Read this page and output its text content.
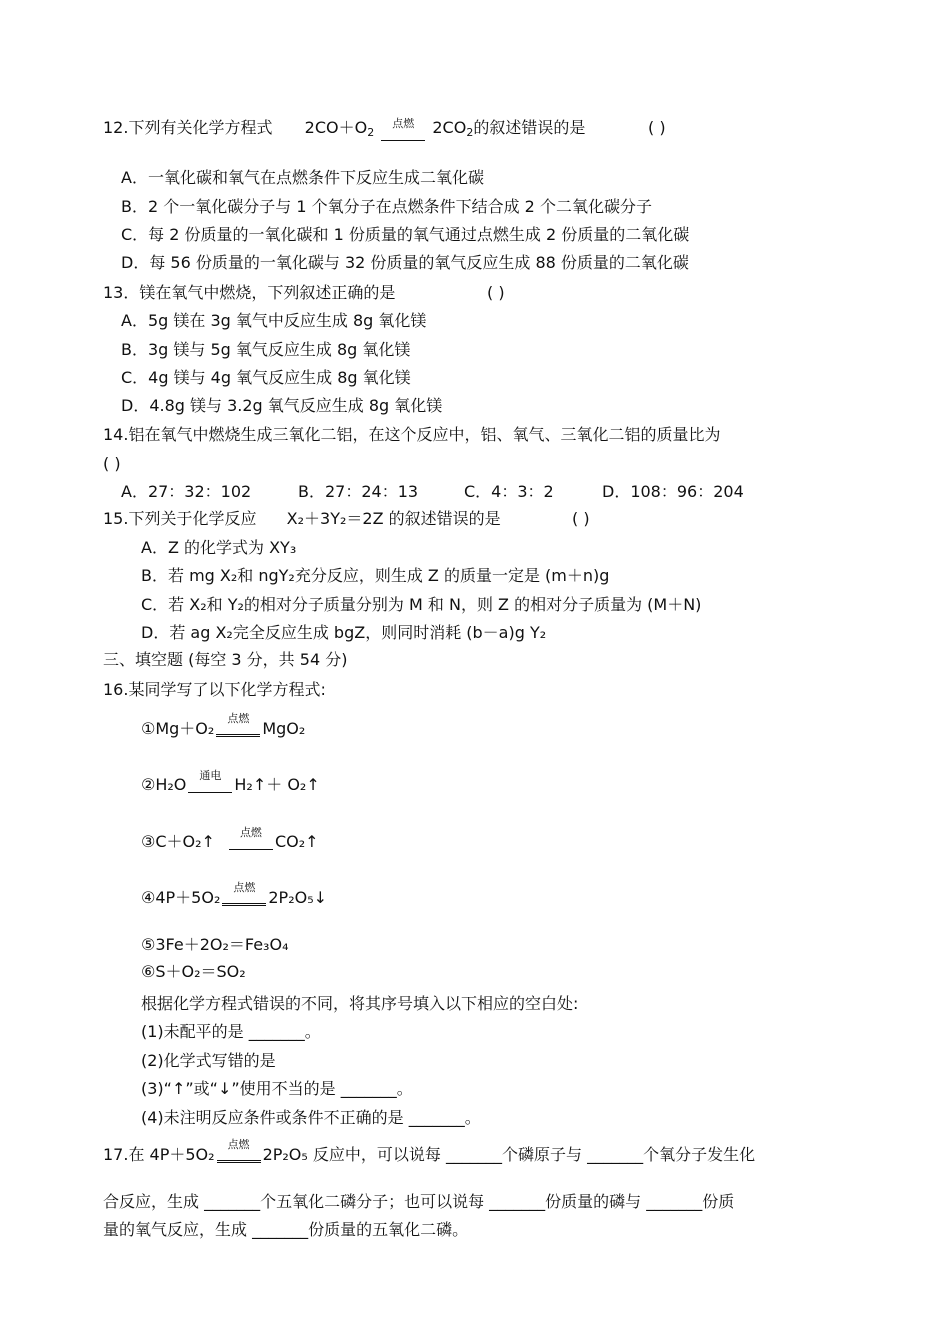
12.下列有关化学方程式 $2CO+O_2$
点燃	$2CO_2$的叙述错误的是	( )
A．一氧化碳和氧气在点燃条件下反应生成二氧化碳
B．2 个一氧化碳分子与 1 个氧分子在点燃条件下结合成 2 个二氧化碳分子
C．每 2 份质量的一氧化碳和 1 份质量的氧气通过点燃生成 2 份质量的二氧化碳
D．每 56 份质量的一氧化碳与 32 份质量的氧气反应生成 88 份质量的二氧化碳
13．镁在氧气中燃烧，下列叙述正确的是	( )
A．5g 镁在 3g 氧气中反应生成 8g 氧化镁
B．3g 镁与 5g 氧气反应生成 8g 氧化镁
C．4g 镁与 4g 氧气反应生成 8g 氧化镁
D．4.8g 镁与 3.2g 氧气反应生成 8g 氧化镁
14.铝在氧气中燃烧生成三氧化二铝，在这个反应中，铝、氧气、三氧化二铝的质量比为
( )
A．27：32：102	B．27：24：13	C．4：3：2	D．108：96：204
15.下列关于化学反应 X₂＋3Y₂＝2Z 的叙述错误的是	( )
A．Z 的化学式为 XY₃
B．若 mg X₂和 ngY₂充分反应，则生成 Z 的质量一定是 (m＋n)g
C．若 X₂和 Y₂的相对分子质量分别为 M 和 N，则 Z 的相对分子质量为 (M＋N)
D．若 ag X₂完全反应生成 bgZ，则同时消耗 (b－a)g Y₂
三、填空题 (每空 3 分，共 54 分)
16.某同学写了以下化学方程式:
①Mg＋O₂
点燃
MgO₂
②H₂O	通电 H₂↑＋ O₂↑
③C＋O₂↑	点燃 CO₂↑
④4P＋5O₂
点燃
2P₂O₅↓
⑤3Fe＋2O₂＝Fe₃O₄
⑥S＋O₂＝SO₂
根据化学方程式错误的不同，将其序号填入以下相应的空白处:
(1)未配平的是 _______。
(2)化学式写错的是
(3)“↑”或“↓”使用不当的是 _______。
(4)未注明反应条件或条件不正确的是 _______。
17.在 4P＋5O₂
点燃
2P₂O₅ 反应中，可以说每 _______个磷原子与 _______个氧分子发生化
合反应，生成 _______个五氧化二磷分子；也可以说每 _______份质量的磷与 _______份质
量的氧气反应，生成 _______份质量的五氧化二磷。
